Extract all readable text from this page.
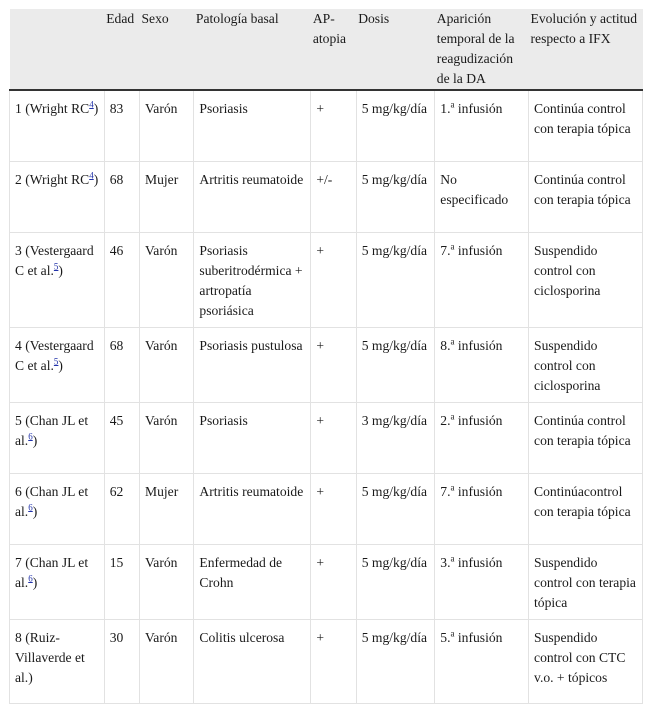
	Edad	Sexo	Patología basal	AP-atopia	Dosis	Aparición temporal de la reagudización de la DA	Evolución y actitud respecto a IFX

1 (Wright RC$^4$)	83	Varón	Psoriasis	+	5 mg/kg/día	1.$^a$ infusión	Continúa control con terapia tópica
2 (Wright RC$^4$)	68	Mujer	Artritis reumatoide	+/-	5 mg/kg/día	No especificado	Continúa control con terapia tópica
3 (Vestergaard C et al.$^5$)	46	Varón	Psoriasis suberitrodérmica + artropatía psoriásica	+	5 mg/kg/día	7.$^a$ infusión	Suspendido control con ciclosporina
4 (Vestergaard C et al.$^5$)	68	Varón	Psoriasis pustulosa	+	5 mg/kg/día	8.$^a$ infusión	Suspendido control con ciclosporina
5 (Chan JL et al.$^6$)	45	Varón	Psoriasis	+	3 mg/kg/día	2.$^a$ infusión	Continúa control con terapia tópica
6 (Chan JL et al.$^6$)	62	Mujer	Artritis reumatoide	+	5 mg/kg/día	7.$^a$ infusión	Continúacontrol con terapia tópica
7 (Chan JL et al.$^6$)	15	Varón	Enfermedad de Crohn	+	5 mg/kg/día	3.$^a$ infusión	Suspendido control con terapia tópica
8 (Ruiz-Villaverde et al.)	30	Varón	Colitis ulcerosa	+	5 mg/kg/día	5.$^a$ infusión	Suspendido control con CTC v.o. + tópicos
